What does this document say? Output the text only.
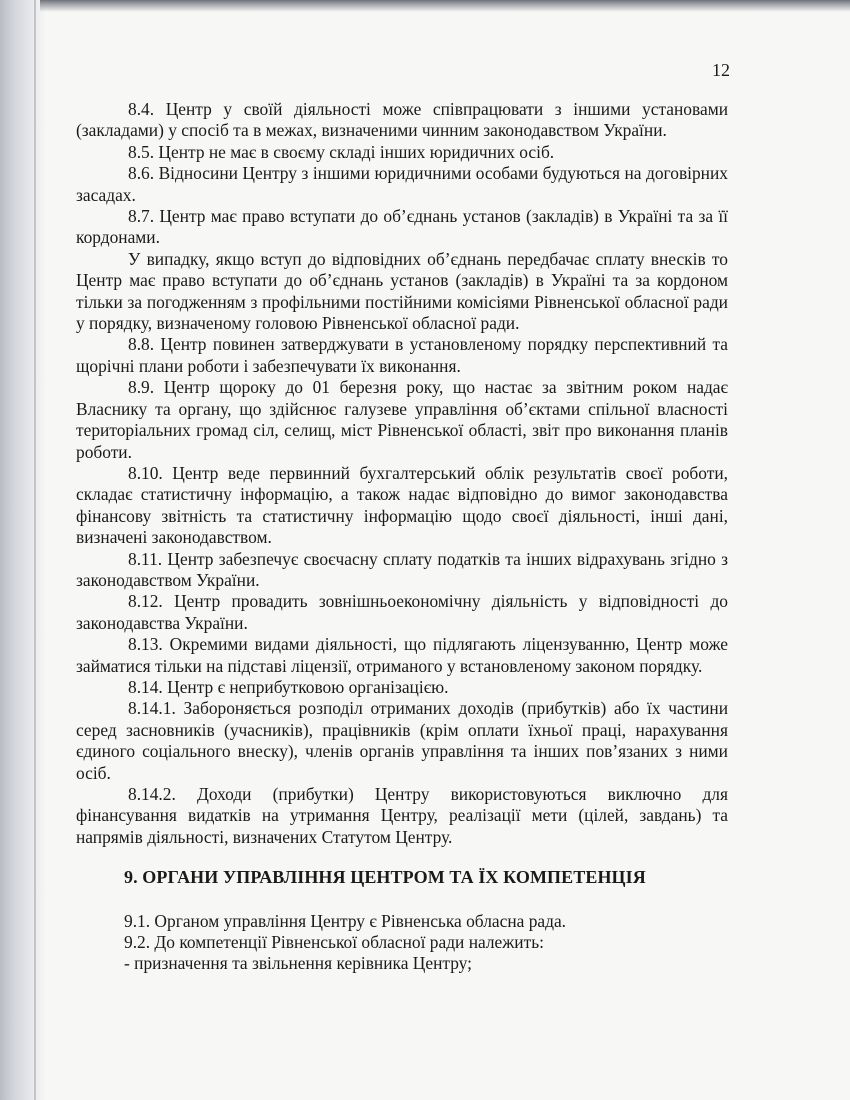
12

8.4. Центр у своїй діяльності може співпрацювати з іншими установами (закладами) у спосіб та в межах, визначеними чинним законодавством України.

8.5. Центр не має в своєму складі інших юридичних осіб.

8.6. Відносини Центру з іншими юридичними особами будуються на договірних засадах.

8.7. Центр має право вступати до об’єднань установ (закладів) в Україні та за її кордонами.

У випадку, якщо вступ до відповідних об’єднань передбачає сплату внесків то Центр має право вступати до об’єднань установ (закладів) в Україні та за кордоном тільки за погодженням з профільними постійними комісіями Рівненської обласної ради у порядку, визначеному головою Рівненської обласної ради.

8.8. Центр повинен затверджувати в установленому порядку перспективний та щорічні плани роботи і забезпечувати їх виконання.

8.9. Центр щороку до 01 березня року, що настає за звітним роком надає Власнику та органу, що здійснює галузеве управління об’єктами спільної власності територіальних громад сіл, селищ, міст Рівненської області, звіт про виконання планів роботи.

8.10. Центр веде первинний бухгалтерський облік результатів своєї роботи, складає статистичну інформацію, а також надає відповідно до вимог законодавства фінансову звітність та статистичну інформацію щодо своєї діяльності, інші дані, визначені законодавством.

8.11. Центр забезпечує своєчасну сплату податків та інших відрахувань згідно з законодавством України.

8.12. Центр провадить зовнішньоекономічну діяльність у відповідності до законодавства України.

8.13. Окремими видами діяльності, що підлягають ліцензуванню, Центр може займатися тільки на підставі ліцензії, отриманого у встановленому законом порядку.

8.14. Центр є неприбутковою організацією.

8.14.1. Забороняється розподіл отриманих доходів (прибутків) або їх частини серед засновників (учасників), працівників (крім оплати їхньої праці, нарахування єдиного соціального внеску), членів органів управління та інших пов’язаних з ними осіб.

8.14.2. Доходи (прибутки) Центру використовуються виключно для фінансування видатків на утримання Центру, реалізації мети (цілей, завдань) та напрямів діяльності, визначених Статутом Центру.

9. ОРГАНИ УПРАВЛІННЯ ЦЕНТРОМ ТА ЇХ КОМПЕТЕНЦІЯ

9.1. Органом управління Центру є Рівненська обласна рада.

9.2. До компетенції Рівненської обласної ради належить:

- призначення та звільнення керівника Центру;
